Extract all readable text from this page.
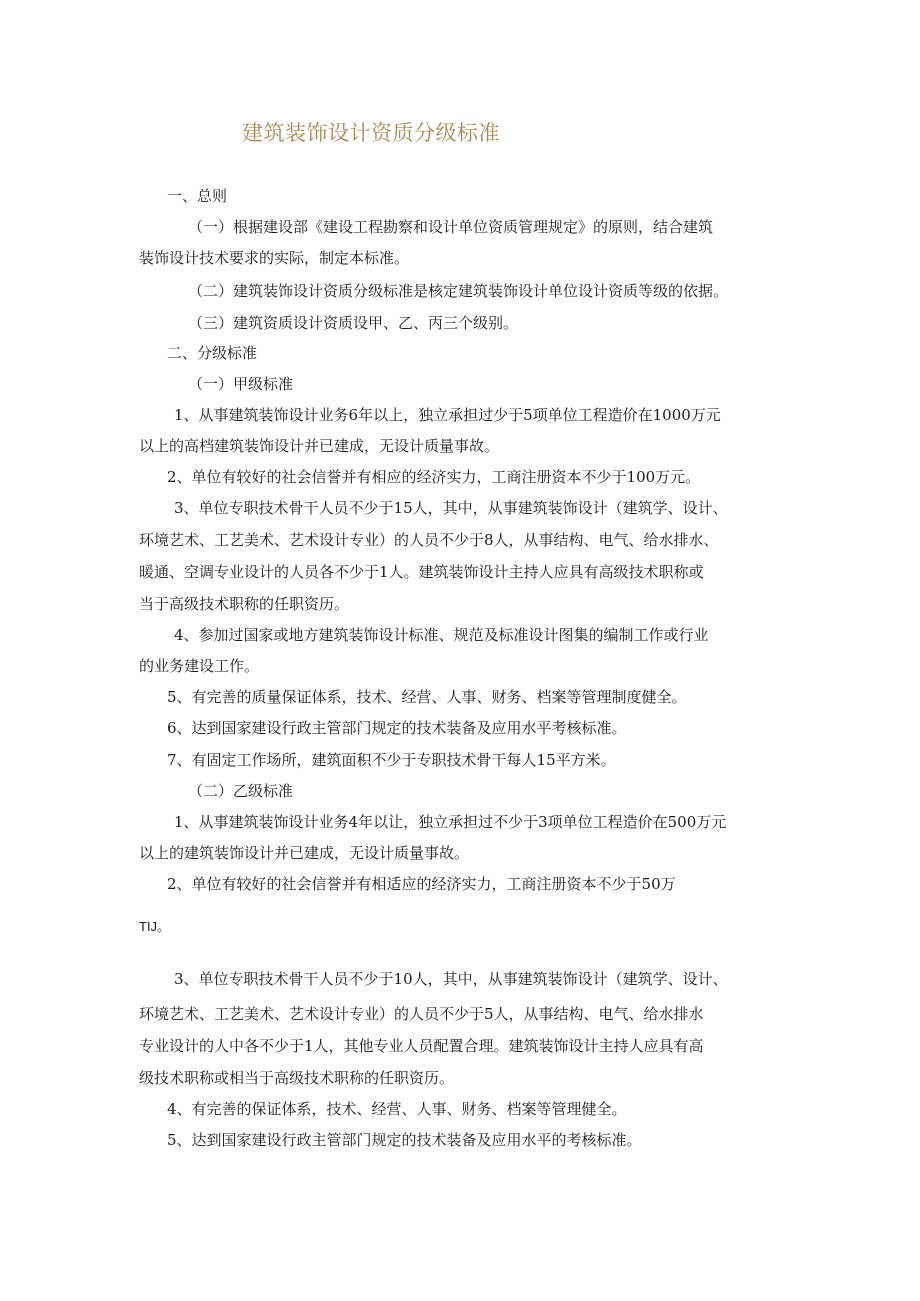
建筑装饰设计资质分级标准
一、总则
（一）根据建设部《建设工程勘察和设计单位资质管理规定》的原则，结合建筑
装饰设计技术要求的实际，制定本标准。
（二）建筑装饰设计资质分级标准是核定建筑装饰设计单位设计资质等级的依据。
（三）建筑资质设计资质设甲、乙、丙三个级别。
二、分级标准
（一）甲级标准
1、从事建筑装饰设计业务6年以上，独立承担过少于5项单位工程造价在1000万元
以上的高档建筑装饰设计并已建成，无设计质量事故。
2、单位有较好的社会信誉并有相应的经济实力，工商注册资本不少于100万元。
3、单位专职技术骨干人员不少于15人，其中，从事建筑装饰设计（建筑学、设计、
环境艺术、工艺美术、艺术设计专业）的人员不少于8人，从事结构、电气、给水排水、
暖通、空调专业设计的人员各不少于1人。建筑装饰设计主持人应具有高级技术职称或
当于高级技术职称的任职资历。
4、参加过国家或地方建筑装饰设计标准、规范及标准设计图集的编制工作或行业
的业务建设工作。
5、有完善的质量保证体系，技术、经营、人事、财务、档案等管理制度健全。
6、达到国家建设行政主管部门规定的技术装备及应用水平考核标准。
7、有固定工作场所，建筑面积不少于专职技术骨干每人15平方米。
（二）乙级标准
1、从事建筑装饰设计业务4年以让，独立承担过不少于3项单位工程造价在500万元
以上的建筑装饰设计并已建成，无设计质量事故。
2、单位有较好的社会信誉并有相适应的经济实力，工商注册资本不少于50万
TIJ。
3、单位专职技术骨干人员不少于10人，其中，从事建筑装饰设计（建筑学、设计、
环境艺术、工艺美术、艺术设计专业）的人员不少于5人，从事结构、电气、给水排水
专业设计的人中各不少于1人，其他专业人员配置合理。建筑装饰设计主持人应具有高
级技术职称或相当于高级技术职称的任职资历。
4、有完善的保证体系，技术、经营、人事、财务、档案等管理健全。
5、达到国家建设行政主管部门规定的技术装备及应用水平的考核标准。
